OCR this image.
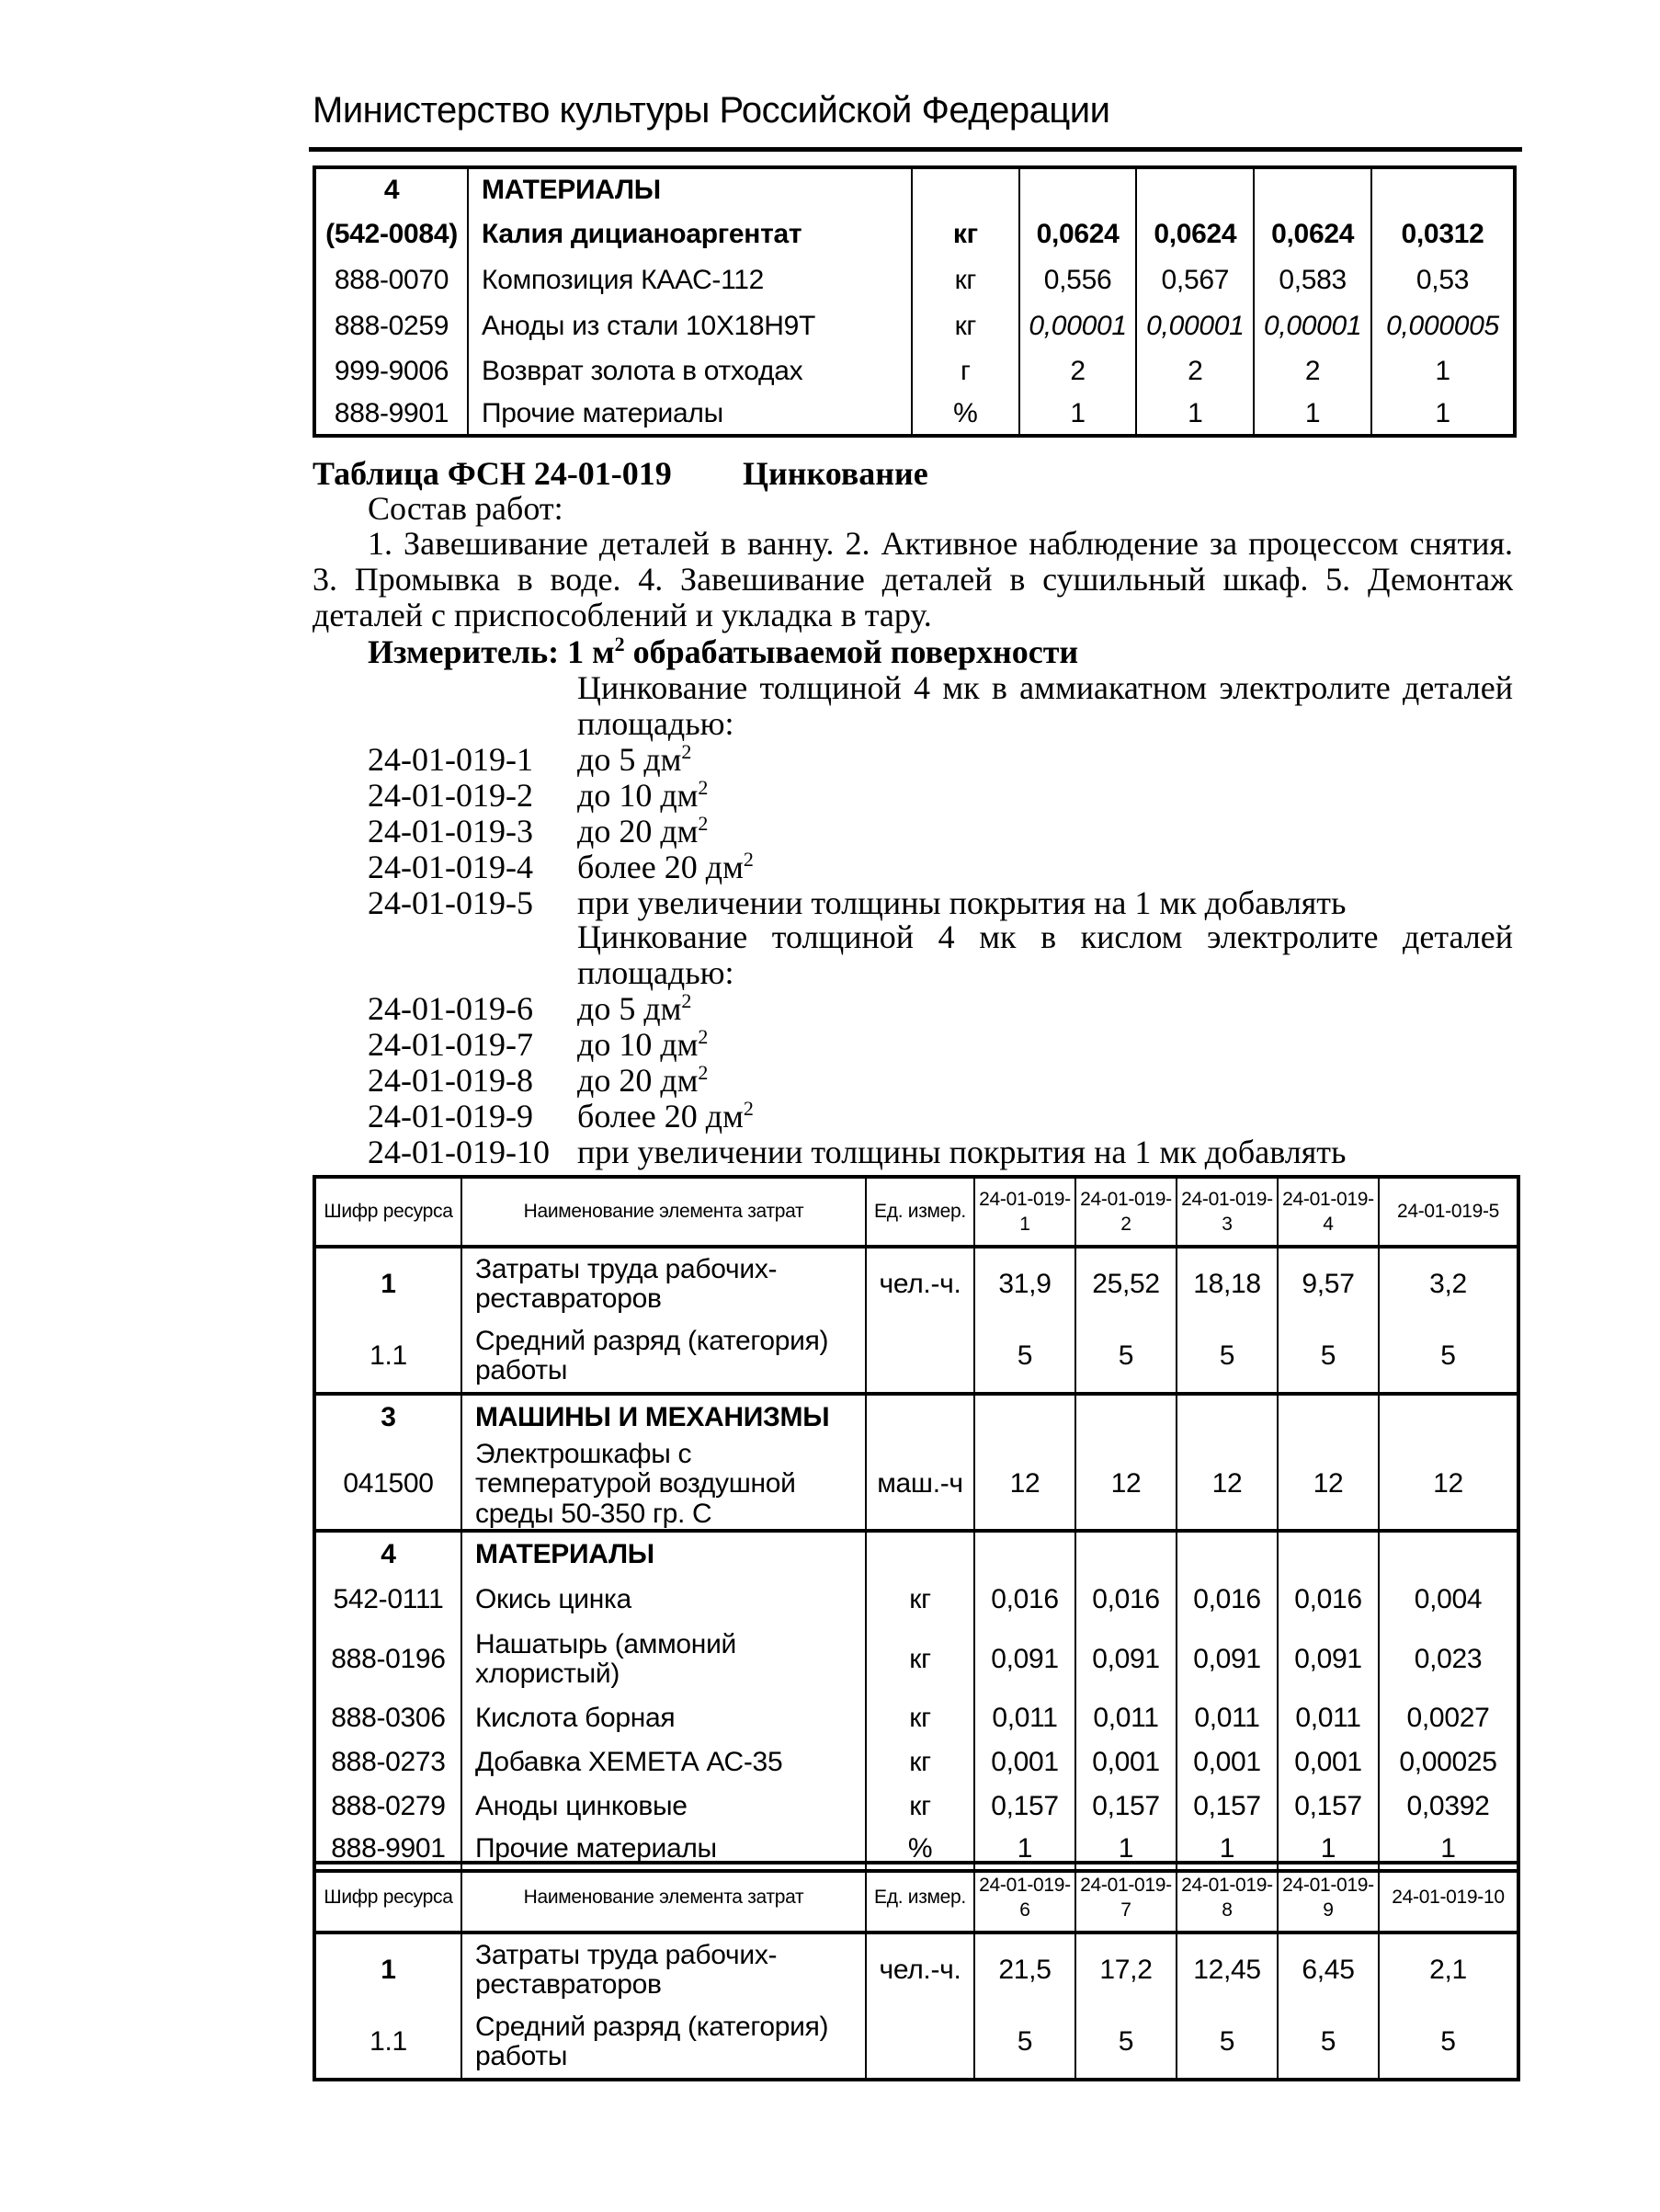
Министерство культуры Российской Федерации
4	МАТЕРИАЛЫ					
(542-0084)	Калия дицианоаргентат	кг	0,0624	0,0624	0,0624	0,0312
888-0070	Композиция КААС-112	кг	0,556	0,567	0,583	0,53
888-0259	Аноды из стали 10Х18Н9Т	кг	0,00001	0,00001	0,00001	0,000005
999-9006	Возврат золота в отходах	г	2	2	2	1
888-9901	Прочие материалы	%	1	1	1	1
Таблица ФСН 24-01-019 Цинкование
Состав работ:
1. Завешивание деталей в ванну. 2. Активное наблюдение за процессом снятия. 3. Промывка в воде. 4. Завешивание деталей в сушильный шкаф. 5. Демонтаж деталей с приспособлений и укладка в тару.
Измеритель: 1 $м^2$ обрабатываемой поверхности
Цинкование толщиной 4 мк в аммиакатном электролите деталей площадью:
24-01-019-1 до 5 $дм^2$
24-01-019-2 до 10 $дм^2$
24-01-019-3 до 20 $дм^2$
24-01-019-4 более 20 $дм^2$
24-01-019-5 при увеличении толщины покрытия на 1 мк добавлять
Цинкование толщиной 4 мк в кислом электролите деталей площадью:
24-01-019-6 до 5 $дм^2$
24-01-019-7 до 10 $дм^2$
24-01-019-8 до 20 $дм^2$
24-01-019-9 более 20 $дм^2$
24-01-019-10 при увеличении толщины покрытия на 1 мк добавлять
Шифр ресурса	Наименование элемента затрат	Ед. измер.	24-01-019-1	24-01-019-2	24-01-019-3	24-01-019-4	24-01-019-5
1	Затраты труда рабочих-реставраторов	чел.-ч.	31,9	25,52	18,18	9,57	3,2
1.1	Средний разряд (категория) работы		5	5	5	5	5
3	МАШИНЫ И МЕХАНИЗМЫ						
041500	Электрошкафы с температурой воздушной среды 50-350 гр. С	маш.-ч	12	12	12	12	12
4	МАТЕРИАЛЫ						
542-0111	Окись цинка	кг	0,016	0,016	0,016	0,016	0,004
888-0196	Нашатырь (аммоний хлористый)	кг	0,091	0,091	0,091	0,091	0,023
888-0306	Кислота борная	кг	0,011	0,011	0,011	0,011	0,0027
888-0273	Добавка ХЕМЕТА АС-35	кг	0,001	0,001	0,001	0,001	0,00025
888-0279	Аноды цинковые	кг	0,157	0,157	0,157	0,157	0,0392
888-9901	Прочие материалы	%	1	1	1	1	1
Шифр ресурса	Наименование элемента затрат	Ед. измер.	24-01-019-6	24-01-019-7	24-01-019-8	24-01-019-9	24-01-019-10
1	Затраты труда рабочих-реставраторов	чел.-ч.	21,5	17,2	12,45	6,45	2,1
1.1	Средний разряд (категория) работы		5	5	5	5	5
